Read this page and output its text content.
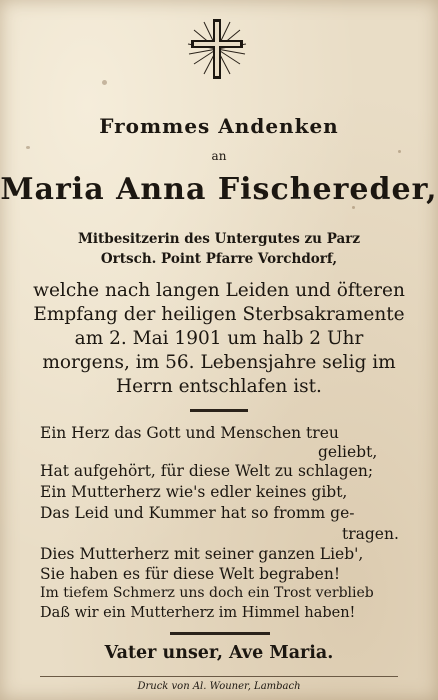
Frommes Andenken
an
Maria Anna Fischereder,
Mitbesitzerin des Untergutes zu Parz
Ortsch. Point Pfarre Vorchdorf,
welche nach langen Leiden und öfteren
Empfang der heiligen Sterbsakramente
am 2. Mai 1901 um halb 2 Uhr
morgens, im 56. Lebensjahre selig im
Herrn entschlafen ist.
Ein Herz das Gott und Menschen treu
geliebt,
Hat aufgehört, für diese Welt zu schlagen;
Ein Mutterherz wie's edler keines gibt,
Das Leid und Kummer hat so fromm ge-
tragen.
Dies Mutterherz mit seiner ganzen Lieb',
Sie haben es für diese Welt begraben!
Im tiefem Schmerz uns doch ein Trost verblieb
Daß wir ein Mutterherz im Himmel haben!
Vater unser, Ave Maria.
Druck von Al. Wouner, Lambach
